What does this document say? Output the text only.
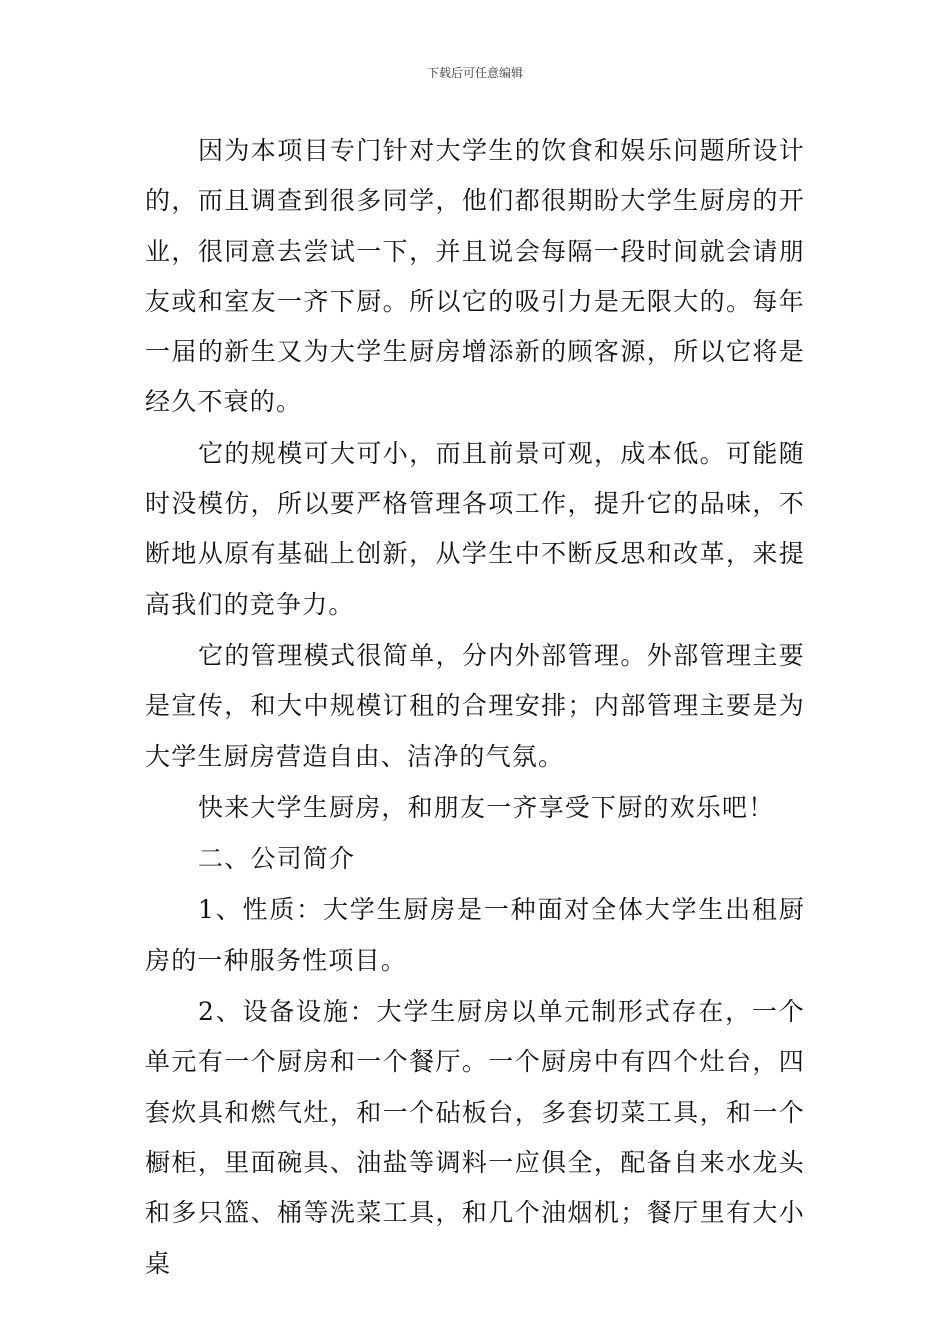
下载后可任意编辑

因为本项目专门针对大学生的饮食和娱乐问题所设计的，而且调查到很多同学，他们都很期盼大学生厨房的开业，很同意去尝试一下，并且说会每隔一段时间就会请朋友或和室友一齐下厨。所以它的吸引力是无限大的。每年一届的新生又为大学生厨房增添新的顾客源，所以它将是经久不衰的。

它的规模可大可小，而且前景可观，成本低。可能随时没模仿，所以要严格管理各项工作，提升它的品味，不断地从原有基础上创新，从学生中不断反思和改革，来提高我们的竞争力。

它的管理模式很简单，分内外部管理。外部管理主要是宣传，和大中规模订租的合理安排；内部管理主要是为大学生厨房营造自由、洁净的气氛。

快来大学生厨房，和朋友一齐享受下厨的欢乐吧！

二、公司简介

1、性质：大学生厨房是一种面对全体大学生出租厨房的一种服务性项目。

2、设备设施：大学生厨房以单元制形式存在，一个单元有一个厨房和一个餐厅。一个厨房中有四个灶台，四套炊具和燃气灶，和一个砧板台，多套切菜工具，和一个橱柜，里面碗具、油盐等调料一应俱全，配备自来水龙头和多只篮、桶等洗菜工具，和几个油烟机；餐厅里有大小桌
